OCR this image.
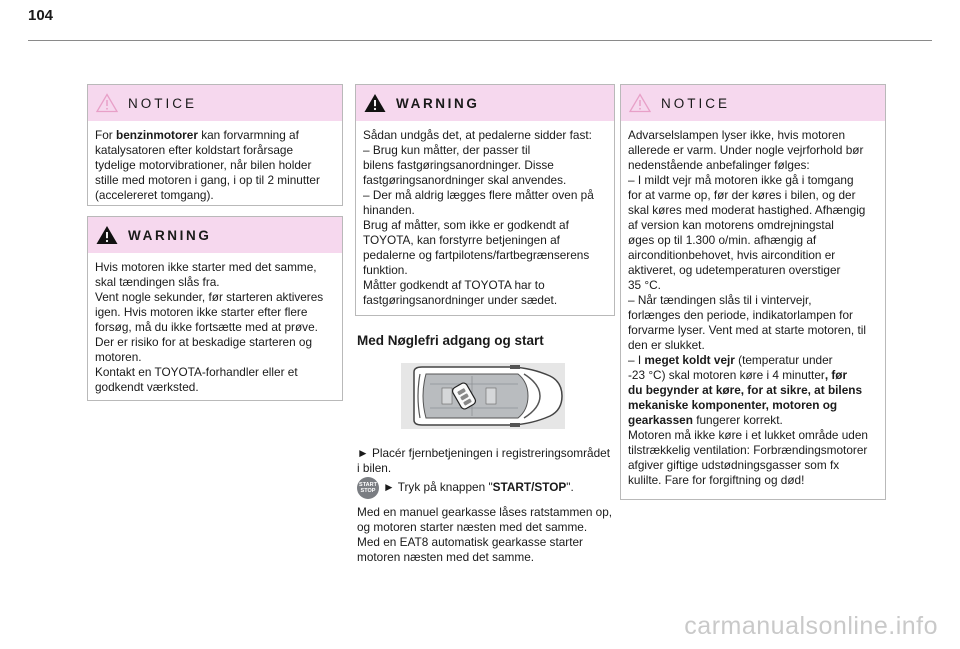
104
NOTICE

For benzinmotorer kan forvarmning af

katalysatoren efter koldstart forårsage

tydelige motorvibrationer, når bilen holder

stille med motoren i gang, i op til 2 minutter

(accelereret tomgang).

WARNING

Hvis motoren ikke starter med det samme,

skal tændingen slås fra.

Vent nogle sekunder, før starteren aktiveres

igen. Hvis motoren ikke starter efter flere

forsøg, må du ikke fortsætte med at prøve.

Der er risiko for at beskadige starteren og

motoren.

Kontakt en TOYOTA-forhandler eller et

godkendt værksted.

WARNING

Sådan undgås det, at pedalerne sidder fast:

– Brug kun måtter, der passer til

bilens fastgøringsanordninger. Disse

fastgøringsanordninger skal anvendes.

– Der må aldrig lægges flere måtter oven på

hinanden.

Brug af måtter, som ikke er godkendt af

TOYOTA, kan forstyrre betjeningen af

pedalerne og fartpilotens/fartbegrænserens

funktion.

Måtter godkendt af TOYOTA har to

fastgøringsanordninger under sædet.

Med Nøglefri adgang og start

► Placér fjernbetjeningen i registreringsområdet

i bilen.

START
STOP ► Tryk på knappen "START/STOP".

Med en manuel gearkasse låses ratstammen op,

og motoren starter næsten med det samme.

Med en EAT8 automatisk gearkasse starter

motoren næsten med det samme.

NOTICE

Advarselslampen lyser ikke, hvis motoren

allerede er varm. Under nogle vejrforhold bør

nedenstående anbefalinger følges:

– I mildt vejr må motoren ikke gå i tomgang

for at varme op, før der køres i bilen, og der

skal køres med moderat hastighed. Afhængig

af version kan motorens omdrejningstal

øges op til 1.300 o/min. afhængig af

airconditionbehovet, hvis aircondition er

aktiveret, og udetemperaturen overstiger

35 °C.

– Når tændingen slås til i vintervejr,

forlænges den periode, indikatorlampen for

forvarme lyser. Vent med at starte motoren, til

den er slukket.

– I meget koldt vejr (temperatur under

-23 °C) skal motoren køre i 4 minutter, før

du begynder at køre, for at sikre, at bilens

mekaniske komponenter, motoren og

gearkassen fungerer korrekt.

Motoren må ikke køre i et lukket område uden

tilstrækkelig ventilation: Forbrændingsmotorer

afgiver giftige udstødningsgasser som fx

kulilte. Fare for forgiftning og død!

carmanualsonline.info
